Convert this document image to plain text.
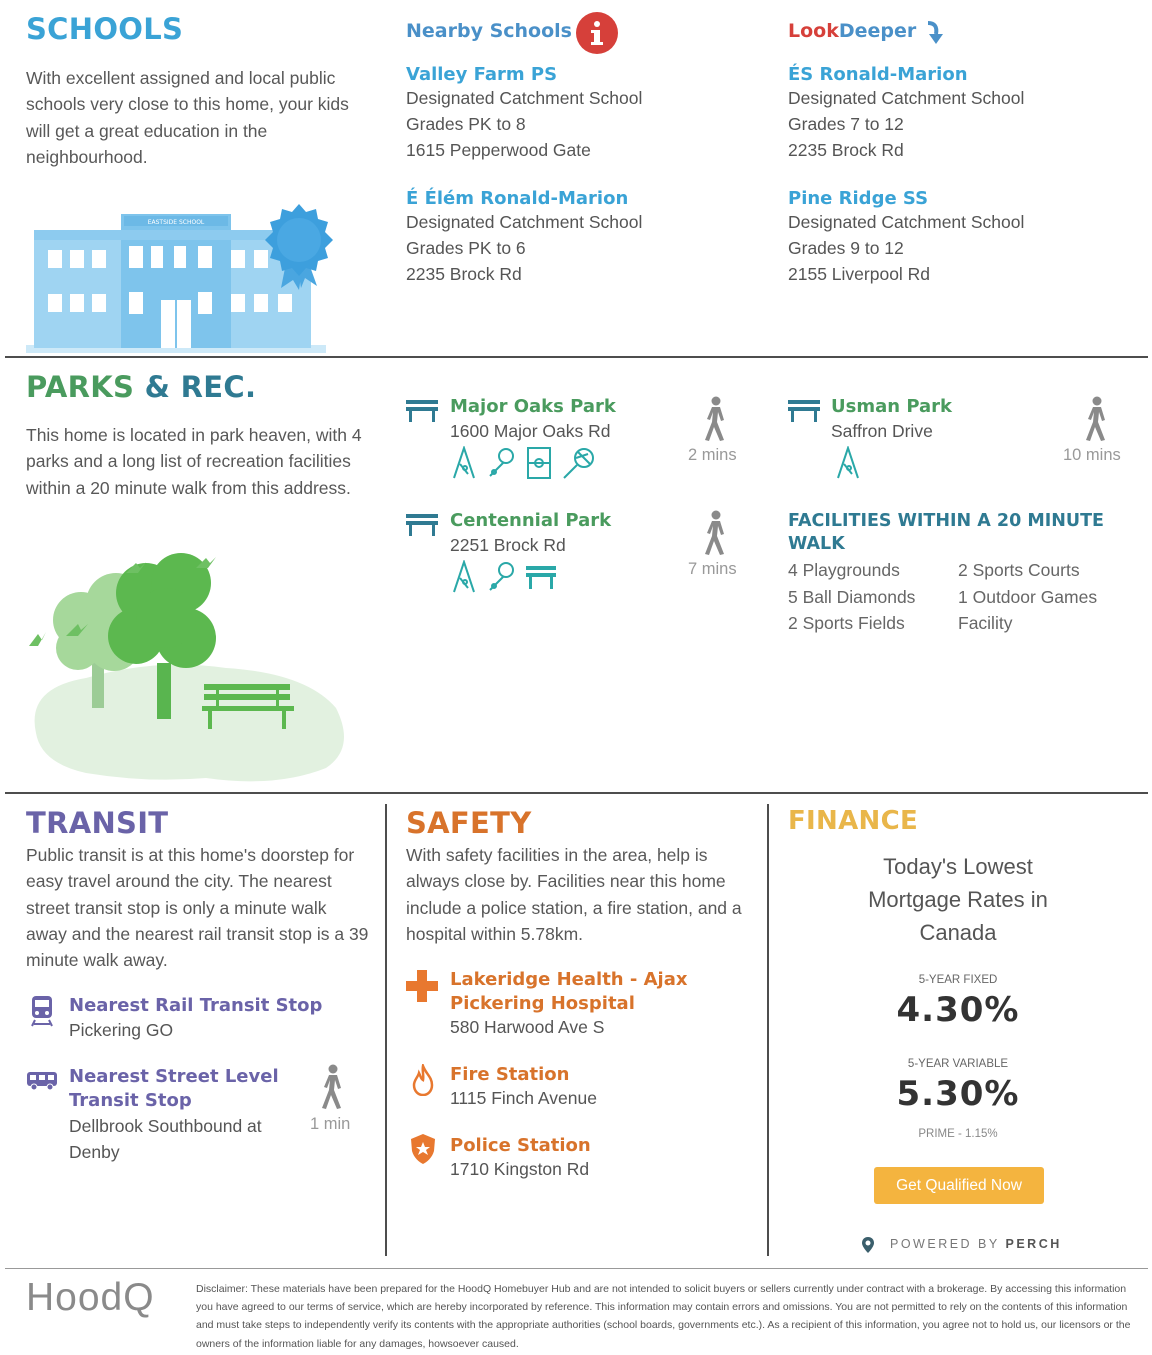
SCHOOLS
With excellent assigned and local public schools very close to this home, your kids will get a great education in the neighbourhood.
EASTSIDE SCHOOL
Nearby Schools	LookDeeper
Valley Farm PS
Designated Catchment School
Grades PK to 8
1615 Pepperwood Gate
ÉS Ronald-Marion
Designated Catchment School
Grades 7 to 12
2235 Brock Rd
É Élém Ronald-Marion
Designated Catchment School
Grades PK to 6
2235 Brock Rd
Pine Ridge SS
Designated Catchment School
Grades 9 to 12
2155 Liverpool Rd
PARKS & REC.
This home is located in park heaven, with 4 parks and a long list of recreation facilities within a 20 minute walk from this address.
Major Oaks Park
1600 Major Oaks Rd
2 mins
Usman Park
Saffron Drive
10 mins
Centennial Park
2251 Brock Rd
7 mins
FACILITIES WITHIN A 20 MINUTE WALK
4 Playgrounds
5 Ball Diamonds
2 Sports Fields
2 Sports Courts
1 Outdoor Games
Facility
TRANSIT
Public transit is at this home's doorstep for easy travel around the city. The nearest street transit stop is only a minute walk away and the nearest rail transit stop is a 39 minute walk away.
Nearest Rail Transit Stop
Pickering GO
Nearest Street Level
Transit Stop
Dellbrook Southbound at
Denby
1 min
SAFETY
With safety facilities in the area, help is always close by. Facilities near this home include a police station, a fire station, and a hospital within 5.78km.
Lakeridge Health - Ajax
Pickering Hospital
580 Harwood Ave S
Fire Station
1115 Finch Avenue
Police Station
1710 Kingston Rd
FINANCE
Today's Lowest
Mortgage Rates in
Canada
5-YEAR FIXED
4.30%
5-YEAR VARIABLE
5.30%
PRIME - 1.15%
Get Qualified Now
POWERED BY PERCH
HoodQ	Disclaimer: These materials have been prepared for the HoodQ Homebuyer Hub and are not intended to solicit buyers or sellers currently under contract with a brokerage. By accessing this information you have agreed to our terms of service, which are hereby incorporated by reference. This information may contain errors and omissions. You are not permitted to rely on the contents of this information and must take steps to independently verify its contents with the appropriate authorities (school boards, governments etc.). As a recipient of this information, you agree not to hold us, our licensors or the owners of the information liable for any damages, howsoever caused.
